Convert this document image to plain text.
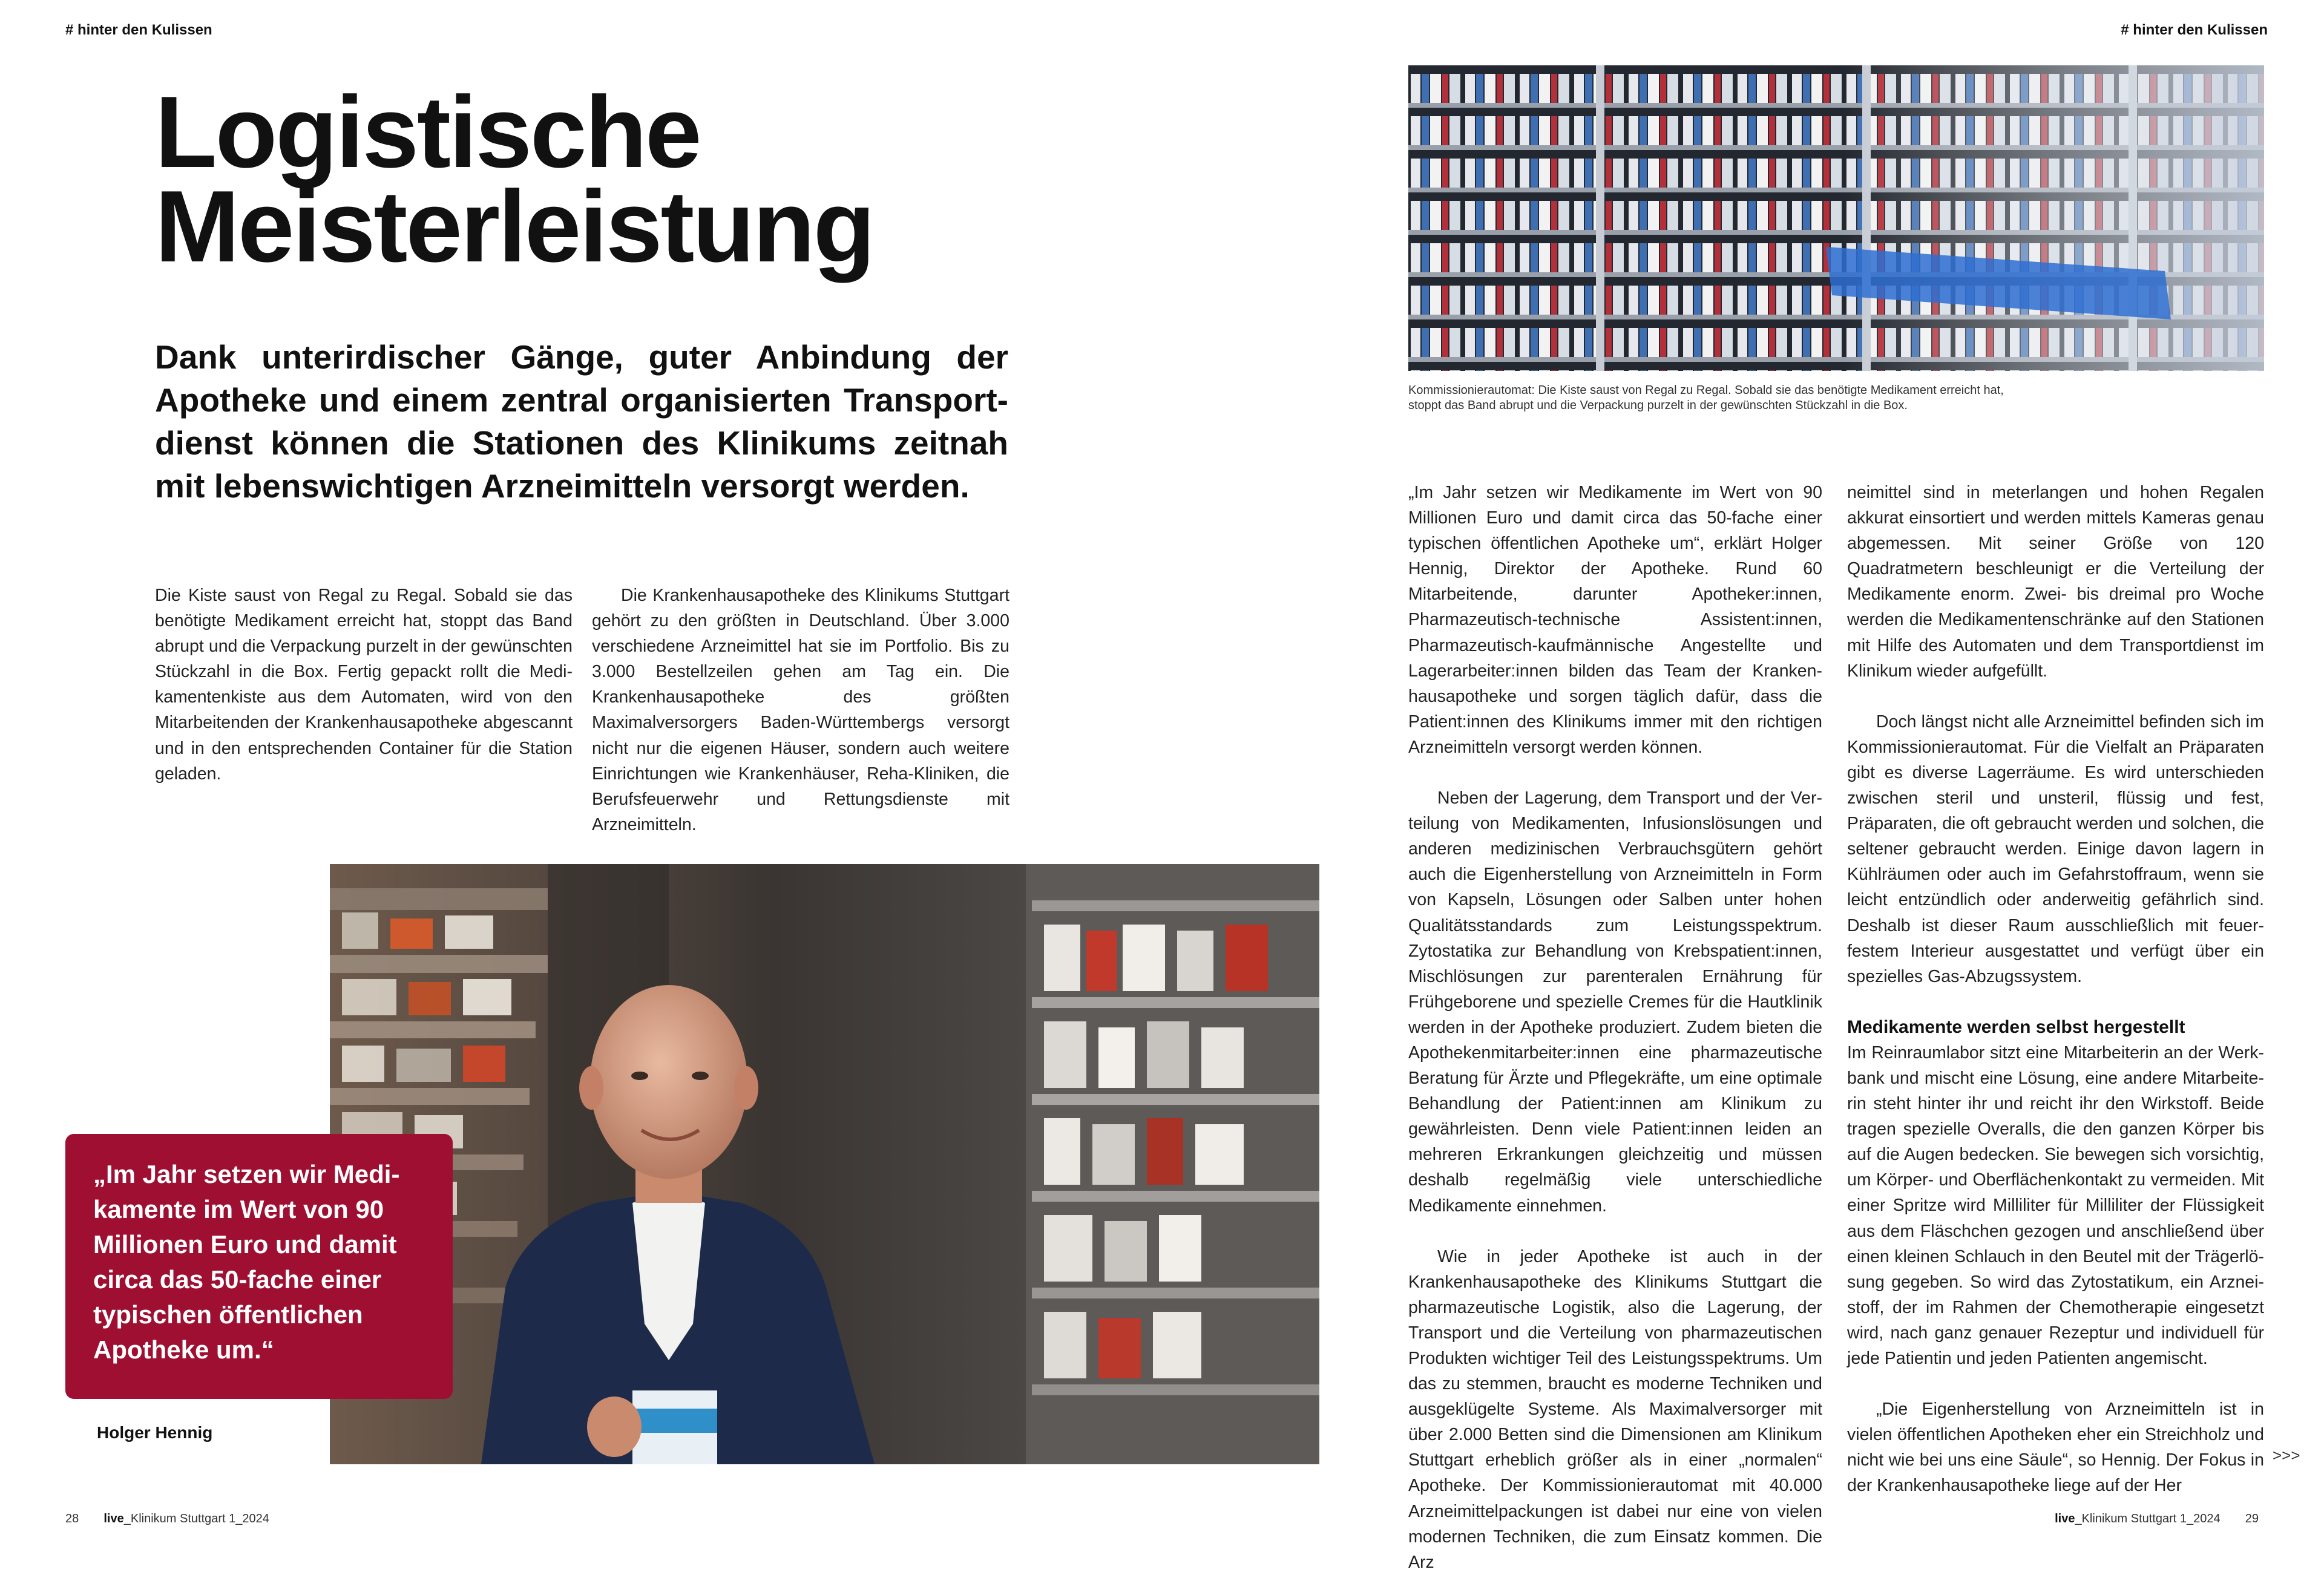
# hinter den Kulissen	# hinter den Kulissen
Logistische
Meisterleistung
Dank unterirdischer Gänge, guter Anbindung der Apotheke und einem zentral organisierten Transportdienst können die Stationen des Klinikums zeitnah mit lebenswichtigen Arzneimitteln versorgt werden.

Die Kiste saust von Regal zu Regal. Sobald sie das benötigte Medikament erreicht hat, stoppt das Band abrupt und die Verpackung purzelt in der gewünschten Stückzahl in die Box. Fertig gepackt rollt die Medikamentenkiste aus dem Automaten, wird von den Mitarbeitenden der Krankenhausapotheke abgescannt und in den entsprechenden Container für die Station geladen.

Die Krankenhausapotheke des Klinikums Stuttgart gehört zu den größten in Deutschland. Über 3.000 verschiedene Arzneimittel hat sie im Portfolio. Bis zu 3.000 Bestellzeilen gehen am Tag ein. Die Krankenhausapotheke des größten Maximalversorgers Baden-Württembergs versorgt nicht nur die eigenen Häuser, sondern auch weitere Einrichtungen wie Krankenhäuser, Reha-Kliniken, die Berufsfeuerwehr und Rettungsdienste mit Arzneimitteln.

„Im Jahr setzen wir Medi-
kamente im Wert von 90
Millionen Euro und damit
circa das 50-fache einer
typischen öffentlichen
Apotheke um.“
Holger Hennig
Kommissionierautomat: Die Kiste saust von Regal zu Regal. Sobald sie das benötigte Medikament erreicht hat,
stoppt das Band abrupt und die Verpackung purzelt in der gewünschten Stückzahl in die Box.

„Im Jahr setzen wir Medikamente im Wert von 90 Millionen Euro und damit circa das 50-fache einer typischen öffentlichen Apotheke um“, erklärt Holger Hennig, Direktor der Apotheke. Rund 60 Mitarbeitende, darunter Apotheker:innen, Pharmazeutisch-technische Assistent:innen, Pharmazeutisch-kaufmännische Angestellte und Lagerarbeiter:innen bilden das Team der Krankenhausapotheke und sorgen täglich dafür, dass die Patient:innen des Klinikums immer mit den richtigen Arzneimitteln versorgt werden können.

Neben der Lagerung, dem Transport und der Verteilung von Medikamenten, Infusionslösungen und anderen medizinischen Verbrauchsgütern gehört auch die Eigenherstellung von Arzneimitteln in Form von Kapseln, Lösungen oder Salben unter hohen Qualitätsstandards zum Leistungsspektrum. Zytostatika zur Behandlung von Krebspatient:innen, Mischlösungen zur parenteralen Ernährung für Frühgeborene und spezielle Cremes für die Hautklinik werden in der Apotheke produziert. Zudem bieten die Apothekenmitarbeiter:innen eine pharmazeutische Beratung für Ärzte und Pflegekräfte, um eine optimale Behandlung der Patient:innen am Klinikum zu gewährleisten. Denn viele Patient:innen leiden an mehreren Erkrankungen gleichzeitig und müssen deshalb regelmäßig viele unterschiedliche Medikamente einnehmen.

Wie in jeder Apotheke ist auch in der Krankenhausapotheke des Klinikums Stuttgart die pharmazeutische Logistik, also die Lagerung, der Transport und die Verteilung von pharmazeutischen Produkten wichtiger Teil des Leistungsspektrums. Um das zu stemmen, braucht es moderne Techniken und ausgeklügelte Systeme. Als Maximalversorger mit über 2.000 Betten sind die Dimensionen am Klinikum Stuttgart erheblich größer als in einer „normalen“ Apotheke. Der Kommissionierautomat mit 40.000 Arzneimittelpackungen ist dabei nur eine von vielen modernen Techniken, die zum Einsatz kommen. Die Arz

neimittel sind in meterlangen und hohen Regalen akkurat einsortiert und werden mittels Kameras genau abgemessen. Mit seiner Größe von 120 Quadratmetern beschleunigt er die Verteilung der Medikamente enorm. Zwei- bis dreimal pro Woche werden die Medikamentenschränke auf den Stationen mit Hilfe des Automaten und dem Transportdienst im Klinikum wieder aufgefüllt.

Doch längst nicht alle Arzneimittel befinden sich im Kommissionierautomat. Für die Vielfalt an Präparaten gibt es diverse Lagerräume. Es wird unterschieden zwischen steril und unsteril, flüssig und fest, Präparaten, die oft gebraucht werden und solchen, die seltener gebraucht werden. Einige davon lagern in Kühlräumen oder auch im Gefahrstoffraum, wenn sie leicht entzündlich oder anderweitig gefährlich sind. Deshalb ist dieser Raum ausschließlich mit feuerfestem Interieur ausgestattet und verfügt über ein spezielles Gas-Abzugssystem.

Medikamente werden selbst hergestellt

Im Reinraumlabor sitzt eine Mitarbeiterin an der Werkbank und mischt eine Lösung, eine andere Mitarbeiterin steht hinter ihr und reicht ihr den Wirkstoff. Beide tragen spezielle Overalls, die den ganzen Körper bis auf die Augen bedecken. Sie bewegen sich vorsichtig, um Körper- und Oberflächenkontakt zu vermeiden. Mit einer Spritze wird Milliliter für Milliliter der Flüssigkeit aus dem Fläschchen gezogen und anschließend über einen kleinen Schlauch in den Beutel mit der Trägerlösung gegeben. So wird das Zytostatikum, ein Arzneistoff, der im Rahmen der Chemotherapie eingesetzt wird, nach ganz genauer Rezeptur und individuell für jede Patientin und jeden Patienten angemischt.

„Die Eigenherstellung von Arzneimitteln ist in vielen öffentlichen Apotheken eher ein Streichholz und nicht wie bei uns eine Säule“, so Hennig. Der Fokus in der Krankenhausapotheke liege auf der Her

>>>
28 live_Klinikum Stuttgart 1_2024	live_Klinikum Stuttgart 1_2024 29
